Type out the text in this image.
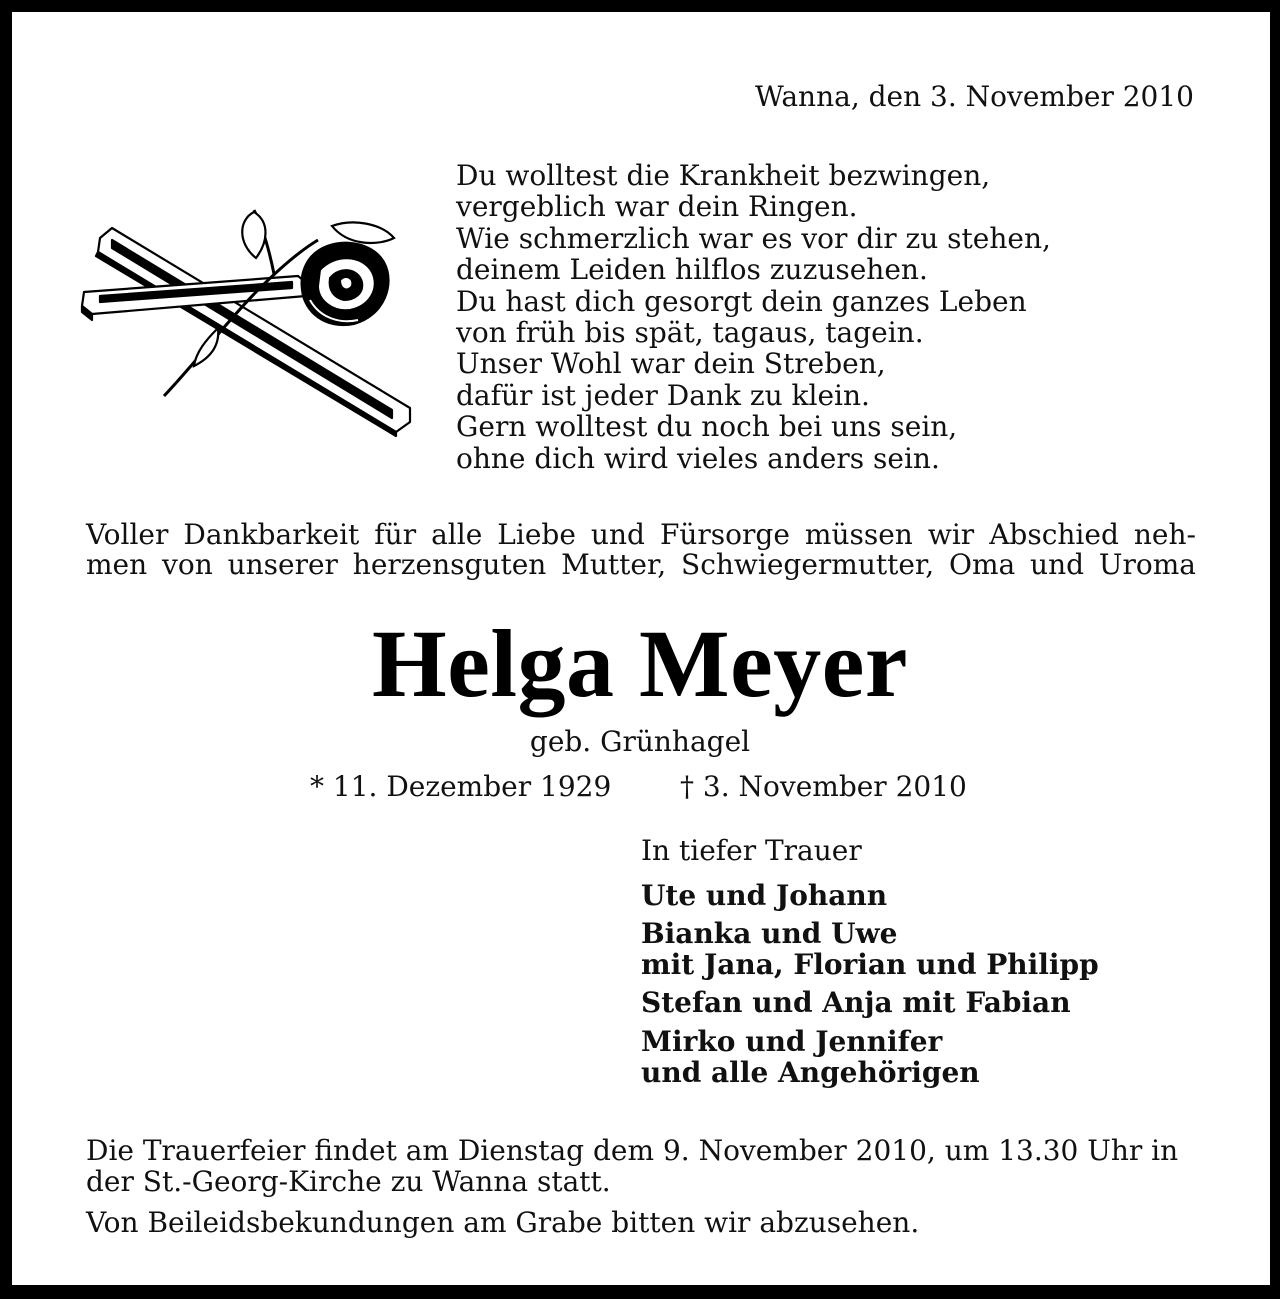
Wanna, den 3. November 2010
Du wolltest die Krankheit bezwingen,
vergeblich war dein Ringen.
Wie schmerzlich war es vor dir zu stehen,
deinem Leiden hilflos zuzusehen.
Du hast dich gesorgt dein ganzes Leben
von früh bis spät, tagaus, tagein.
Unser Wohl war dein Streben,
dafür ist jeder Dank zu klein.
Gern wolltest du noch bei uns sein,
ohne dich wird vieles anders sein.
Voller Dankbarkeit für alle Liebe und Fürsorge müssen wir Abschied neh-
men von unserer herzensguten Mutter, Schwiegermutter, Oma und Uroma
Helga Meyer
geb. Grünhagel
* 11. Dezember 1929 † 3. November 2010
In tiefer Trauer
Ute und Johann
Bianka und Uwe
mit Jana, Florian und Philipp
Stefan und Anja mit Fabian
Mirko und Jennifer
und alle Angehörigen
Die Trauerfeier findet am Dienstag dem 9. November 2010, um 13.30 Uhr in
der St.-Georg-Kirche zu Wanna statt.
Von Beileidsbekundungen am Grabe bitten wir abzusehen.
